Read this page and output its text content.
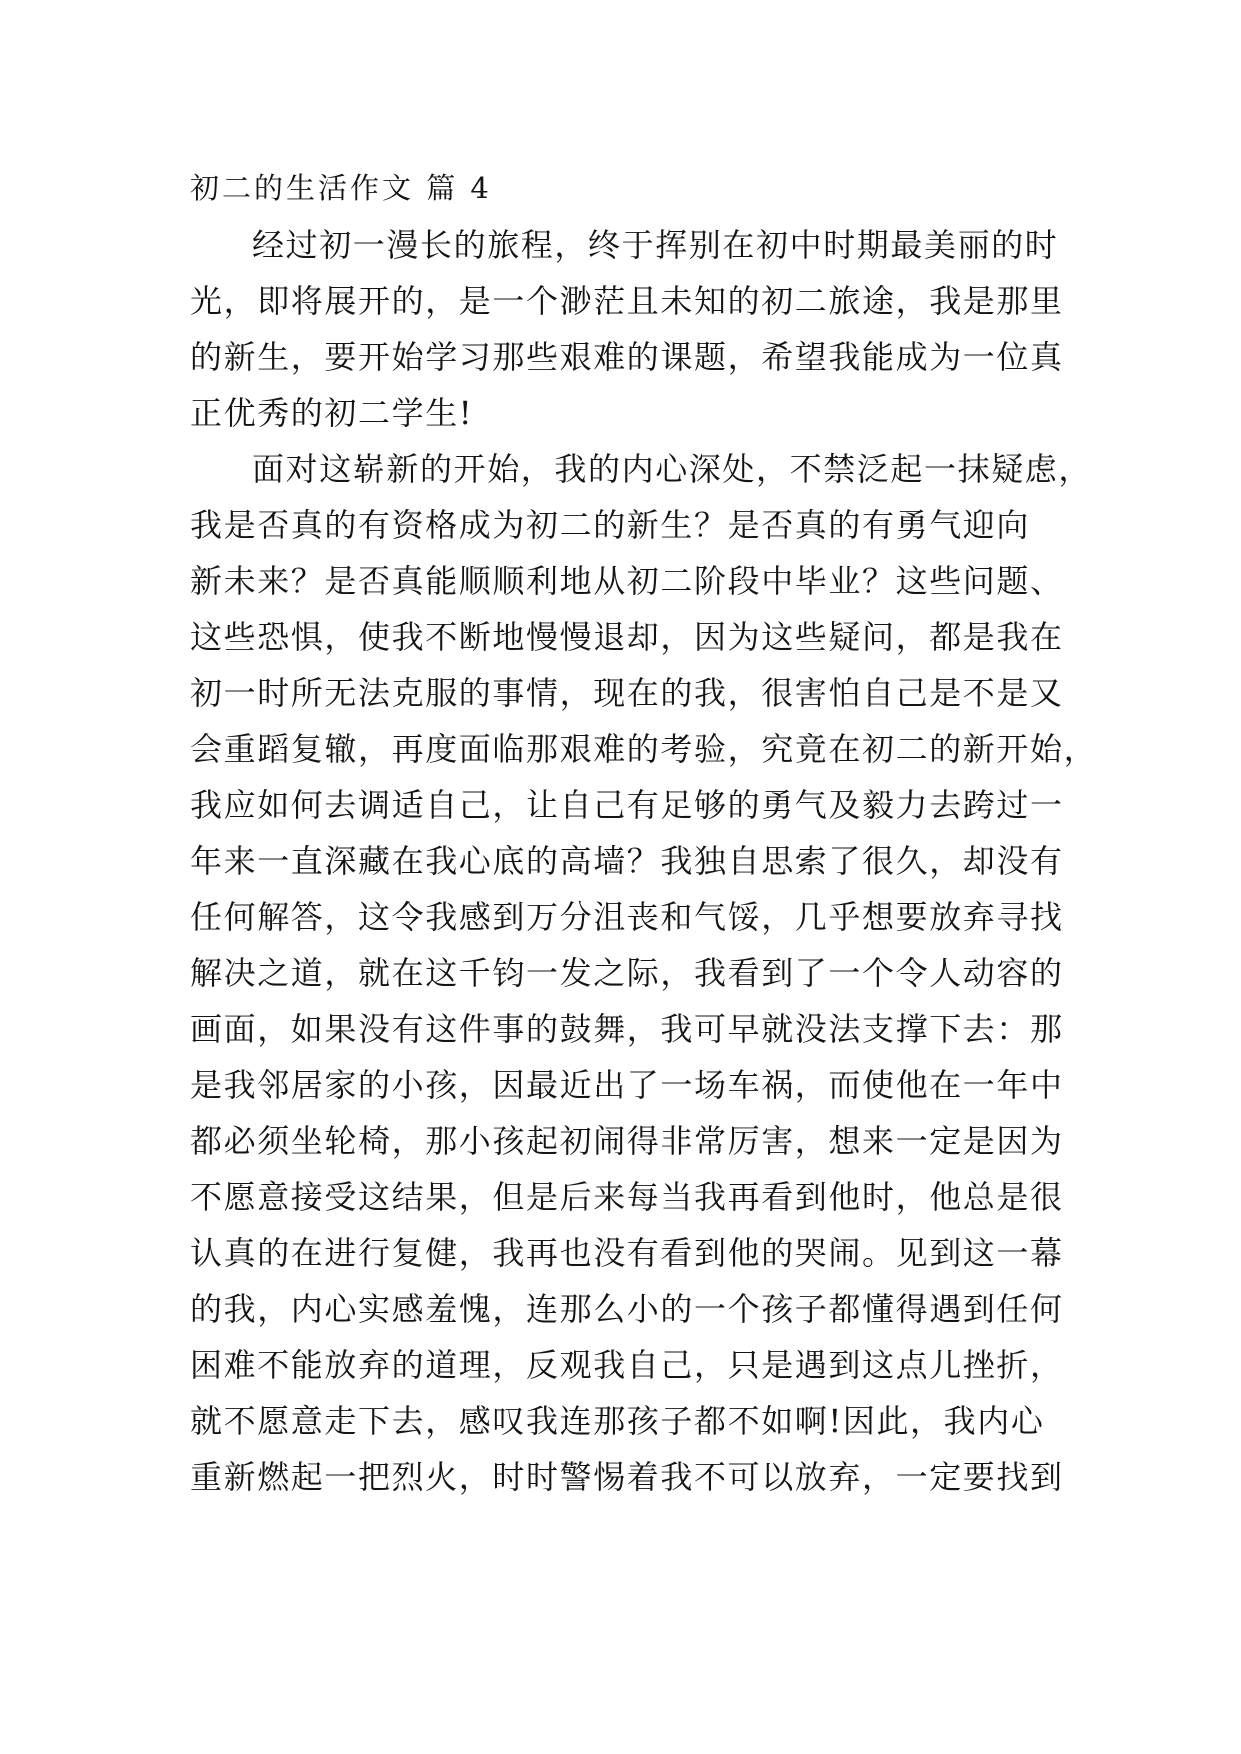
初二的生活作文 篇 4
经过初一漫长的旅程，终于挥别在初中时期最美丽的时
光，即将展开的，是一个渺茫且未知的初二旅途，我是那里
的新生，要开始学习那些艰难的课题，希望我能成为一位真
正优秀的初二学生!
面对这崭新的开始，我的内心深处，不禁泛起一抹疑虑，
我是否真的有资格成为初二的新生？是否真的有勇气迎向
新未来？是否真能顺顺利地从初二阶段中毕业？这些问题、
这些恐惧，使我不断地慢慢退却，因为这些疑问，都是我在
初一时所无法克服的事情，现在的我，很害怕自己是不是又
会重蹈复辙，再度面临那艰难的考验，究竟在初二的新开始，
我应如何去调适自己，让自己有足够的勇气及毅力去跨过一
年来一直深藏在我心底的高墙？我独自思索了很久，却没有
任何解答，这令我感到万分沮丧和气馁，几乎想要放弃寻找
解决之道，就在这千钧一发之际，我看到了一个令人动容的
画面，如果没有这件事的鼓舞，我可早就没法支撑下去：那
是我邻居家的小孩，因最近出了一场车祸，而使他在一年中
都必须坐轮椅，那小孩起初闹得非常厉害，想来一定是因为
不愿意接受这结果，但是后来每当我再看到他时，他总是很
认真的在进行复健，我再也没有看到他的哭闹。见到这一幕
的我，内心实感羞愧，连那么小的一个孩子都懂得遇到任何
困难不能放弃的道理，反观我自己，只是遇到这点儿挫折，
就不愿意走下去，感叹我连那孩子都不如啊!因此，我内心
重新燃起一把烈火，时时警惕着我不可以放弃，一定要找到
